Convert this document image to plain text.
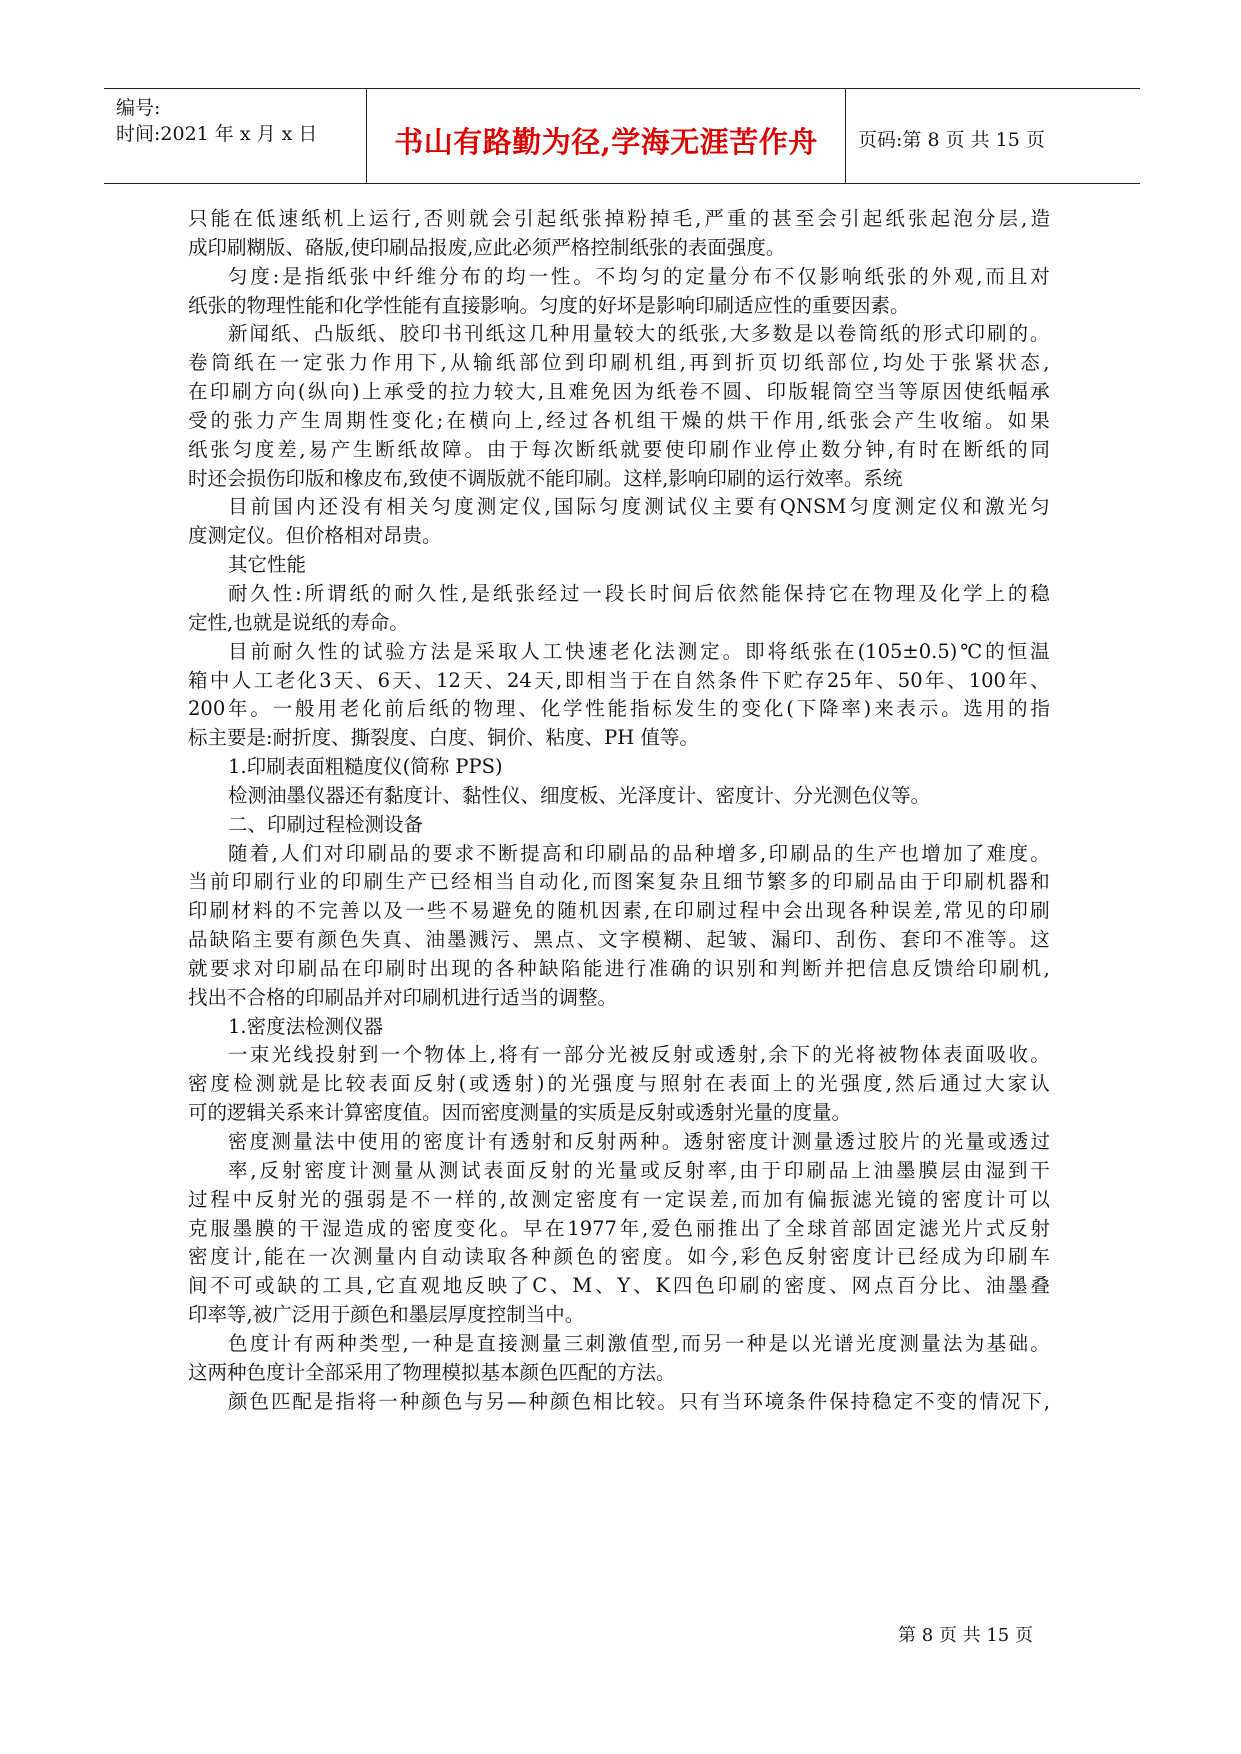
编号:
时间:2021 年 x 月 x 日	书山有路勤为径,学海无涯苦作舟	页码:第 8 页 共 15 页
只 能 在 低 速 纸 机 上 运 行 , 否 则 就 会 引 起 纸 张 掉 粉 掉 毛 , 严 重 的 甚 至 会 引 起 纸 张 起 泡 分 层 , 造
成印刷糊版、硌版,使印刷品报废,应此必须严格控制纸张的表面强度。
匀 度 : 是 指 纸 张 中 纤 维 分 布 的 均 一 性 。 不 均 匀 的 定 量 分 布 不 仅 影 响 纸 张 的 外 观 , 而 且 对
纸张的物理性能和化学性能有直接影响。匀度的好坏是影响印刷适应性的重要因素。
新 闻 纸 、 凸 版 纸 、 胶 印 书 刊 纸 这 几 种 用 量 较 大 的 纸 张 , 大 多 数 是 以 卷 筒 纸 的 形 式 印 刷 的 。
卷 筒 纸 在 一 定 张 力 作 用 下 , 从 输 纸 部 位 到 印 刷 机 组 , 再 到 折 页 切 纸 部 位 , 均 处 于 张 紧 状 态 ,
在 印 刷 方 向 ( 纵 向 ) 上 承 受 的 拉 力 较 大 , 且 难 免 因 为 纸 卷 不 圆 、 印 版 辊 筒 空 当 等 原 因 使 纸 幅 承
受 的 张 力 产 生 周 期 性 变 化 ; 在 横 向 上 , 经 过 各 机 组 干 燥 的 烘 干 作 用 , 纸 张 会 产 生 收 缩 。 如 果
纸 张 匀 度 差 , 易 产 生 断 纸 故 障 。 由 于 每 次 断 纸 就 要 使 印 刷 作 业 停 止 数 分 钟 , 有 时 在 断 纸 的 同
时还会损伤印版和橡皮布,致使不调版就不能印刷。这样,影响印刷的运行效率。系统
目 前 国 内 还 没 有 相 关 匀 度 测 定 仪 , 国 际 匀 度 测 试 仪 主 要 有 QNSM 匀 度 测 定 仪 和 激 光 匀
度测定仪。但价格相对昂贵。
其它性能
耐 久 性 : 所 谓 纸 的 耐 久 性 , 是 纸 张 经 过 一 段 长 时 间 后 依 然 能 保 持 它 在 物 理 及 化 学 上 的 稳
定性,也就是说纸的寿命。
目 前 耐 久 性 的 试 验 方 法 是 采 取 人 工 快 速 老 化 法 测 定 。 即 将 纸 张 在 (105±0.5) ℃ 的 恒 温
箱 中 人 工 老 化 3 天 、 6 天 、 12 天 、 24 天 , 即 相 当 于 在 自 然 条 件 下 贮 存 25 年 、 50 年 、 100 年 、
200 年 。 一 般 用 老 化 前 后 纸 的 物 理 、 化 学 性 能 指 标 发 生 的 变 化 ( 下 降 率 ) 来 表 示 。 选 用 的 指
标主要是:耐折度、撕裂度、白度、铜价、粘度、PH 值等。
1.印刷表面粗糙度仪(简称 PPS)
检测油墨仪器还有黏度计、黏性仪、细度板、光泽度计、密度计、分光测色仪等。
二、印刷过程检测设备
随 着 , 人 们 对 印 刷 品 的 要 求 不 断 提 高 和 印 刷 品 的 品 种 增 多 , 印 刷 品 的 生 产 也 增 加 了 难 度 。
当 前 印 刷 行 业 的 印 刷 生 产 已 经 相 当 自 动 化 , 而 图 案 复 杂 且 细 节 繁 多 的 印 刷 品 由 于 印 刷 机 器 和
印 刷 材 料 的 不 完 善 以 及 一 些 不 易 避 免 的 随 机 因 素 , 在 印 刷 过 程 中 会 出 现 各 种 误 差 , 常 见 的 印 刷
品 缺 陷 主 要 有 颜 色 失 真 、 油 墨 溅 污 、 黑 点 、 文 字 模 糊 、 起 皱 、 漏 印 、 刮 伤 、 套 印 不 准 等 。 这
就 要 求 对 印 刷 品 在 印 刷 时 出 现 的 各 种 缺 陷 能 进 行 准 确 的 识 别 和 判 断 并 把 信 息 反 馈 给 印 刷 机 ,
找出不合格的印刷品并对印刷机进行适当的调整。
1.密度法检测仪器
一 束 光 线 投 射 到 一 个 物 体 上 , 将 有 一 部 分 光 被 反 射 或 透 射 , 余 下 的 光 将 被 物 体 表 面 吸 收 。
密 度 检 测 就 是 比 较 表 面 反 射 ( 或 透 射 ) 的 光 强 度 与 照 射 在 表 面 上 的 光 强 度 , 然 后 通 过 大 家 认
可的逻辑关系来计算密度值。因而密度测量的实质是反射或透射光量的度量。
密 度 测 量 法 中 使 用 的 密 度 计 有 透 射 和 反 射 两 种 。 透 射 密 度 计 测 量 透 过 胶 片 的 光 量 或 透 过
率 , 反 射 密 度 计 测 量 从 测 试 表 面 反 射 的 光 量 或 反 射 率 , 由 于 印 刷 品 上 油 墨 膜 层 由 湿 到 干
过 程 中 反 射 光 的 强 弱 是 不 一 样 的 , 故 测 定 密 度 有 一 定 误 差 , 而 加 有 偏 振 滤 光 镜 的 密 度 计 可 以
克 服 墨 膜 的 干 湿 造 成 的 密 度 变 化 。 早 在 1977 年 , 爱 色 丽 推 出 了 全 球 首 部 固 定 滤 光 片 式 反 射
密 度 计 , 能 在 一 次 测 量 内 自 动 读 取 各 种 颜 色 的 密 度 。 如 今 , 彩 色 反 射 密 度 计 已 经 成 为 印 刷 车
间 不 可 或 缺 的 工 具 , 它 直 观 地 反 映 了 C 、 M 、 Y 、 K 四 色 印 刷 的 密 度 、 网 点 百 分 比 、 油 墨 叠
印率等,被广泛用于颜色和墨层厚度控制当中。
色 度 计 有 两 种 类 型 , 一 种 是 直 接 测 量 三 刺 激 值 型 , 而 另 一 种 是 以 光 谱 光 度 测 量 法 为 基 础 。
这两种色度计全部采用了物理模拟基本颜色匹配的方法。
颜 色 匹 配 是 指 将 一 种 颜 色 与 另 — 种 颜 色 相 比 较 。 只 有 当 环 境 条 件 保 持 稳 定 不 变 的 情 况 下 ,
第 8 页 共 15 页
